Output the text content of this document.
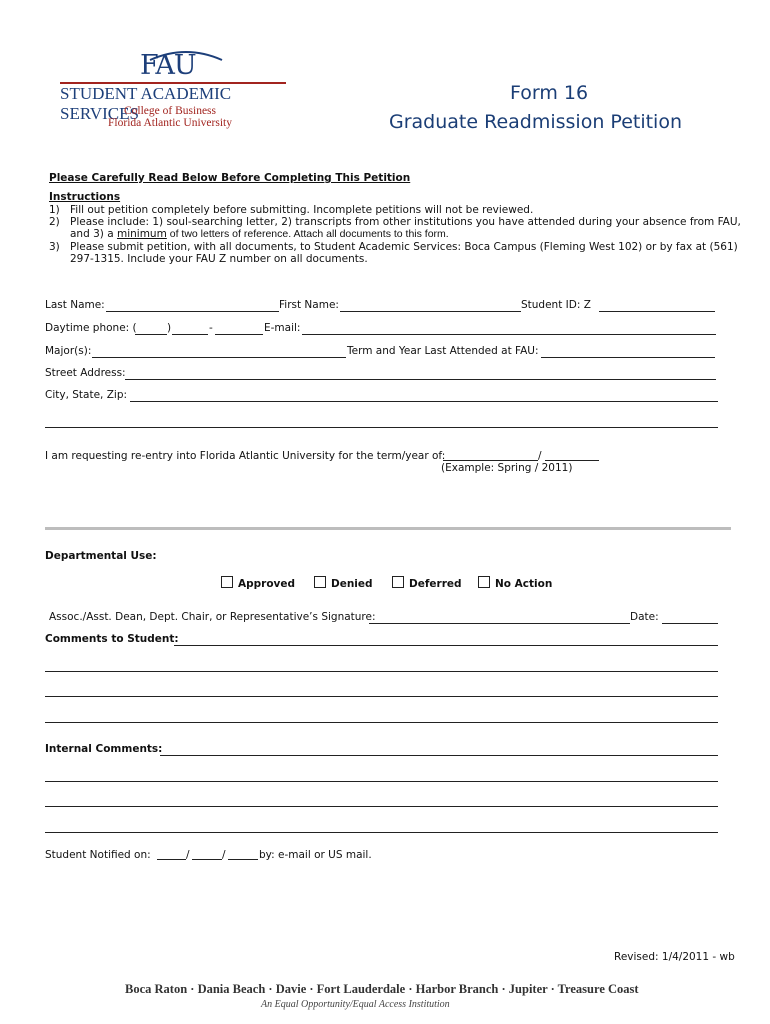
FAU
STUDENT ACADEMIC SERVICES
College of Business
Florida Atlantic University
Form 16
Graduate Readmission Petition
Please Carefully Read Below Before Completing This Petition
Instructions
1) Fill out petition completely before submitting. Incomplete petitions will not be reviewed.
2) Please include: 1) soul-searching letter, 2) transcripts from other institutions you have attended during your absence from FAU,
and 3) a minimum of two letters of reference. Attach all documents to this form.
3) Please submit petition, with all documents, to Student Academic Services: Boca Campus (Fleming West 102) or by fax at (561)
297-1315. Include your FAU Z number on all documents.
Last Name:	First Name:	Student ID: Z
Daytime phone: (	)	-	E-mail:
Major(s):	Term and Year Last Attended at FAU:
Street Address:
City, State, Zip:
I am requesting re-entry into Florida Atlantic University for the term/year of:	/
(Example: Spring / 2011)
Departmental Use:
Approved	Denied	Deferred	No Action
Assoc./Asst. Dean, Dept. Chair, or Representative’s Signature:	Date:
Comments to Student:
Internal Comments:
Student Notified on:	/	/	by: e-mail or US mail.
Revised: 1/4/2011 - wb
Boca Raton · Dania Beach · Davie · Fort Lauderdale · Harbor Branch · Jupiter · Treasure Coast
An Equal Opportunity/Equal Access Institution
